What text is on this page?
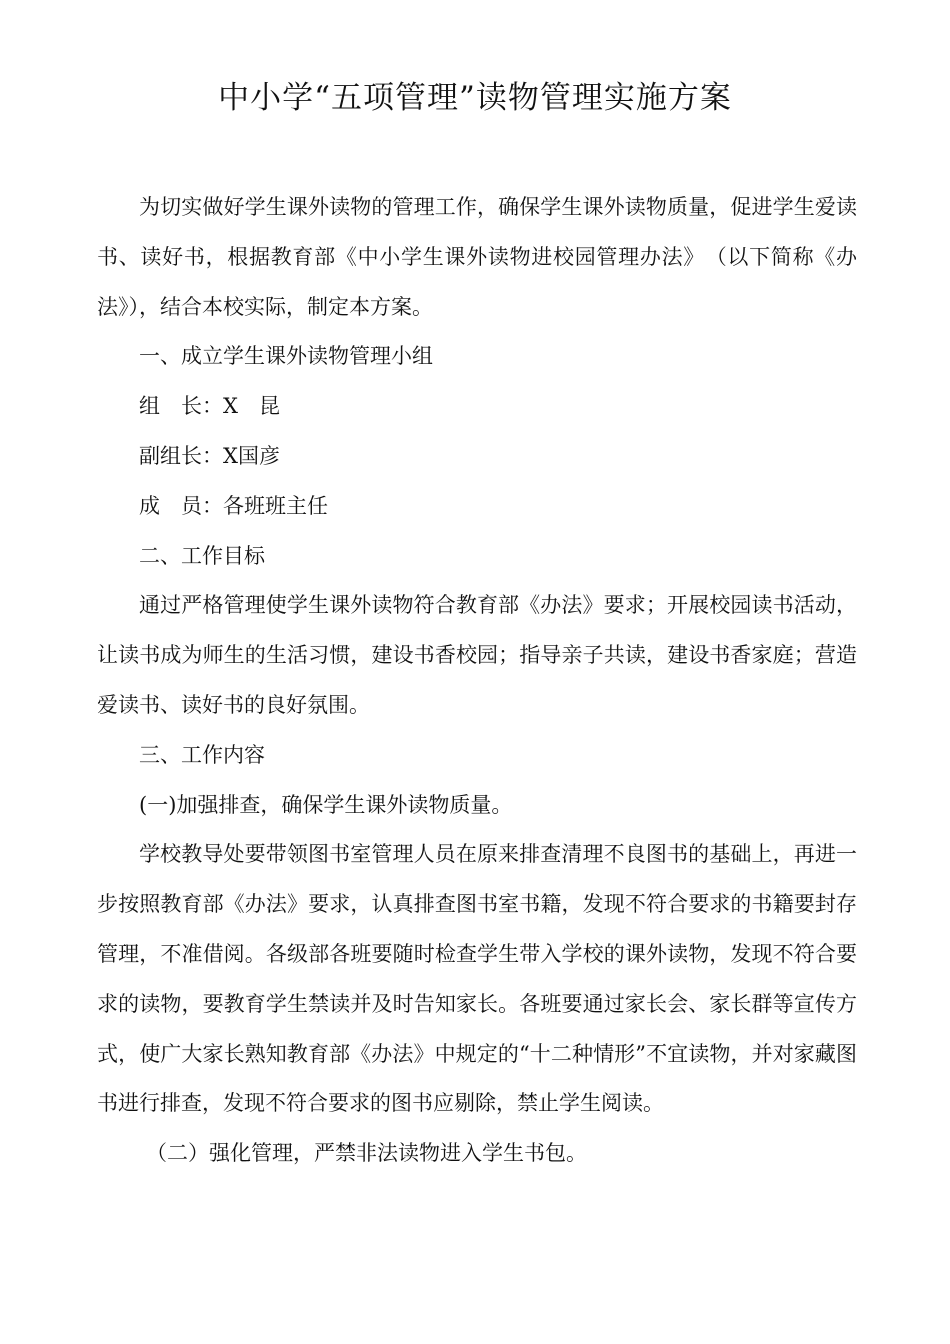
中小学“五项管理”读物管理实施方案

为切实做好学生课外读物的管理工作，确保学生课外读物质量，促进学生爱读书、读好书，根据教育部《中小学生课外读物进校园管理办法》　（以下简称《办法》），结合本校实际，制定本方案。

一、成立学生课外读物管理小组

组　长：X　昆

副组长：X国彦

成　员：各班班主任

二、工作目标

通过严格管理使学生课外读物符合教育部《办法》要求；开展校园读书活动，让读书成为师生的生活习惯，建设书香校园；指导亲子共读，建设书香家庭；营造爱读书、读好书的良好氛围。

三、工作内容

(一)加强排查，确保学生课外读物质量。

学校教导处要带领图书室管理人员在原来排查清理不良图书的基础上，再进一步按照教育部《办法》要求，认真排查图书室书籍，发现不符合要求的书籍要封存管理，不准借阅。各级部各班要随时检查学生带入学校的课外读物，发现不符合要求的读物，要教育学生禁读并及时告知家长。各班要通过家长会、家长群等宣传方式，使广大家长熟知教育部《办法》中规定的“十二种情形”不宜读物，并对家藏图书进行排查，发现不符合要求的图书应剔除，禁止学生阅读。

（二）强化管理，严禁非法读物进入学生书包。
